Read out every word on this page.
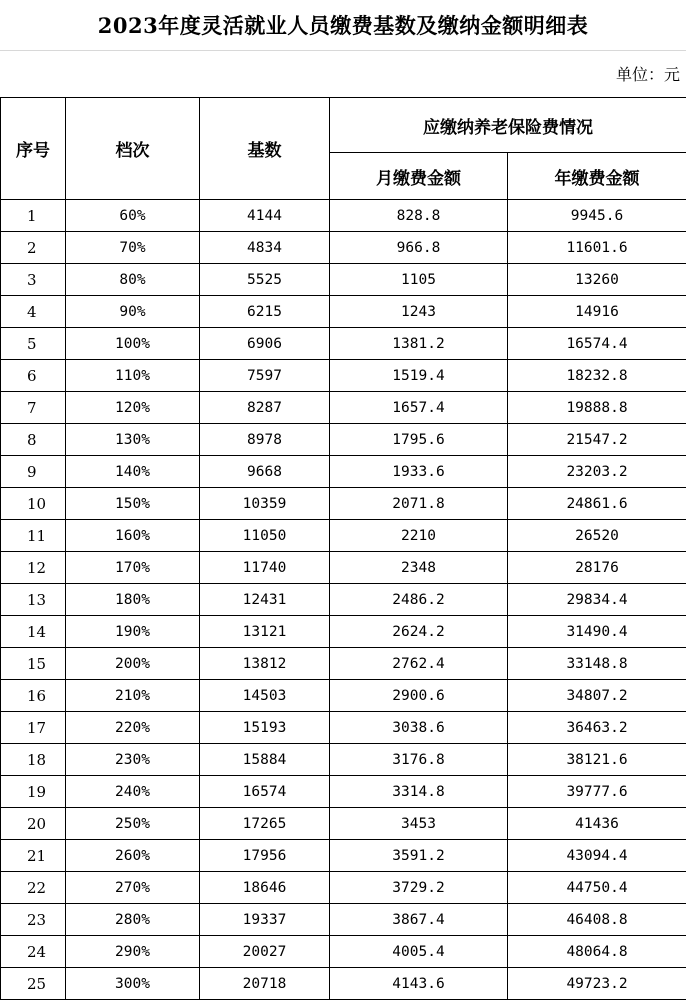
2023年度灵活就业人员缴费基数及缴纳金额明细表
单位：元
序号	档次	基数	应缴纳养老保险费情况	
			月缴费金额	年缴费金额
1	60%	4144	828.8	9945.6
2	70%	4834	966.8	11601.6
3	80%	5525	1105	13260
4	90%	6215	1243	14916
5	100%	6906	1381.2	16574.4
6	110%	7597	1519.4	18232.8
7	120%	8287	1657.4	19888.8
8	130%	8978	1795.6	21547.2
9	140%	9668	1933.6	23203.2
10	150%	10359	2071.8	24861.6
11	160%	11050	2210	26520
12	170%	11740	2348	28176
13	180%	12431	2486.2	29834.4
14	190%	13121	2624.2	31490.4
15	200%	13812	2762.4	33148.8
16	210%	14503	2900.6	34807.2
17	220%	15193	3038.6	36463.2
18	230%	15884	3176.8	38121.6
19	240%	16574	3314.8	39777.6
20	250%	17265	3453	41436
21	260%	17956	3591.2	43094.4
22	270%	18646	3729.2	44750.4
23	280%	19337	3867.4	46408.8
24	290%	20027	4005.4	48064.8
25	300%	20718	4143.6	49723.2
